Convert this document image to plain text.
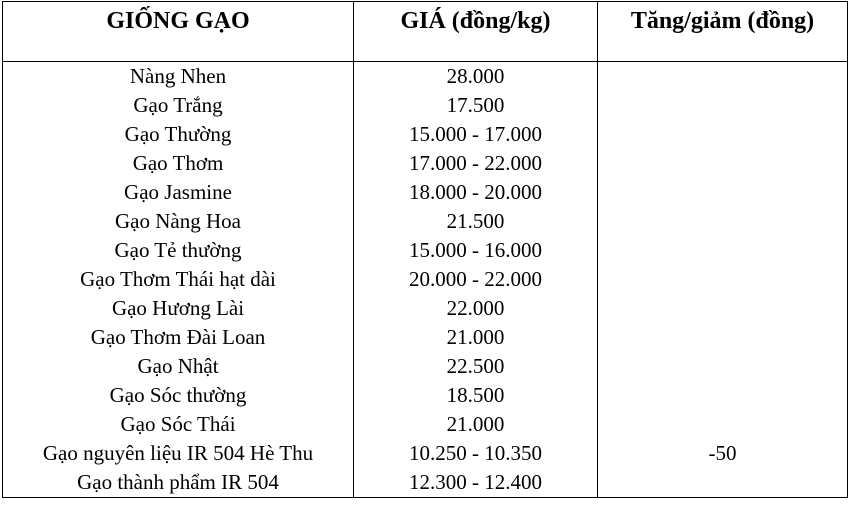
GIỐNG GẠO	GIÁ (đồng/kg)	Tăng/giảm (đồng)
Nàng Nhen	28.000	
Gạo Trắng	17.500	
Gạo Thường	15.000 - 17.000	
Gạo Thơm	17.000 - 22.000	
Gạo Jasmine	18.000 - 20.000	
Gạo Nàng Hoa	21.500	
Gạo Tẻ thường	15.000 - 16.000	
Gạo Thơm Thái hạt dài	20.000 - 22.000	
Gạo Hương Lài	22.000	
Gạo Thơm Đài Loan	21.000	
Gạo Nhật	22.500	
Gạo Sóc thường	18.500	
Gạo Sóc Thái	21.000	
Gạo nguyên liệu IR 504 Hè Thu	10.250 - 10.350	-50
Gạo thành phẩm IR 504	12.300 - 12.400	
